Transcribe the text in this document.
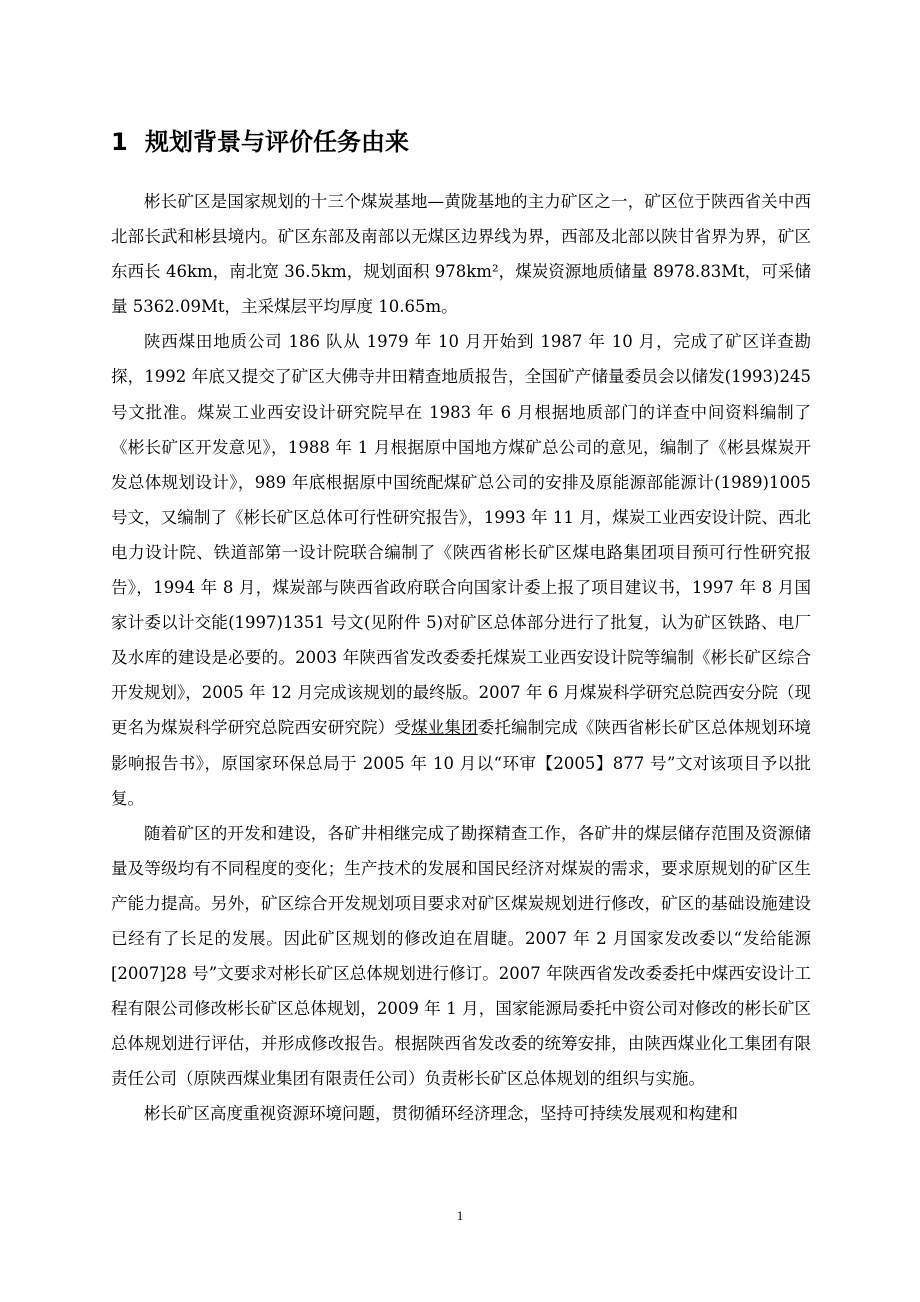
1 规划背景与评价任务由来

彬长矿区是国家规划的十三个煤炭基地—黄陇基地的主力矿区之一，矿区位于陕西省关中西北部长武和彬县境内。矿区东部及南部以无煤区边界线为界，西部及北部以陕甘省界为界，矿区东西长 46km，南北宽 36.5km，规划面积 978km²，煤炭资源地质储量 8978.83Mt，可采储量 5362.09Mt，主采煤层平均厚度 10.65m。

陕西煤田地质公司 186 队从 1979 年 10 月开始到 1987 年 10 月，完成了矿区详查勘探，1992 年底又提交了矿区大佛寺井田精查地质报告，全国矿产储量委员会以储发(1993)245 号文批准。煤炭工业西安设计研究院早在 1983 年 6 月根据地质部门的详查中间资料编制了《彬长矿区开发意见》，1988 年 1 月根据原中国地方煤矿总公司的意见，编制了《彬县煤炭开发总体规划设计》，989 年底根据原中国统配煤矿总公司的安排及原能源部能源计(1989)1005 号文，又编制了《彬长矿区总体可行性研究报告》，1993 年 11 月，煤炭工业西安设计院、西北电力设计院、铁道部第一设计院联合编制了《陕西省彬长矿区煤电路集团项目预可行性研究报告》，1994 年 8 月，煤炭部与陕西省政府联合向国家计委上报了项目建议书，1997 年 8 月国家计委以计交能(1997)1351 号文(见附件 5)对矿区总体部分进行了批复，认为矿区铁路、电厂及水库的建设是必要的。2003 年陕西省发改委委托煤炭工业西安设计院等编制《彬长矿区综合开发规划》，2005 年 12 月完成该规划的最终版。2007 年 6 月煤炭科学研究总院西安分院（现更名为煤炭科学研究总院西安研究院）受煤业集团委托编制完成《陕西省彬长矿区总体规划环境影响报告书》，原国家环保总局于 2005 年 10 月以“环审【2005】877 号”文对该项目予以批复。

随着矿区的开发和建设，各矿井相继完成了勘探精查工作，各矿井的煤层储存范围及资源储量及等级均有不同程度的变化；生产技术的发展和国民经济对煤炭的需求，要求原规划的矿区生产能力提高。另外，矿区综合开发规划项目要求对矿区煤炭规划进行修改，矿区的基础设施建设已经有了长足的发展。因此矿区规划的修改迫在眉睫。2007 年 2 月国家发改委以“发给能源[2007]28 号”文要求对彬长矿区总体规划进行修订。2007 年陕西省发改委委托中煤西安设计工程有限公司修改彬长矿区总体规划，2009 年 1 月，国家能源局委托中资公司对修改的彬长矿区总体规划进行评估，并形成修改报告。根据陕西省发改委的统筹安排，由陕西煤业化工集团有限责任公司（原陕西煤业集团有限责任公司）负责彬长矿区总体规划的组织与实施。

彬长矿区高度重视资源环境问题，贯彻循环经济理念，坚持可持续发展观和构建和

1
